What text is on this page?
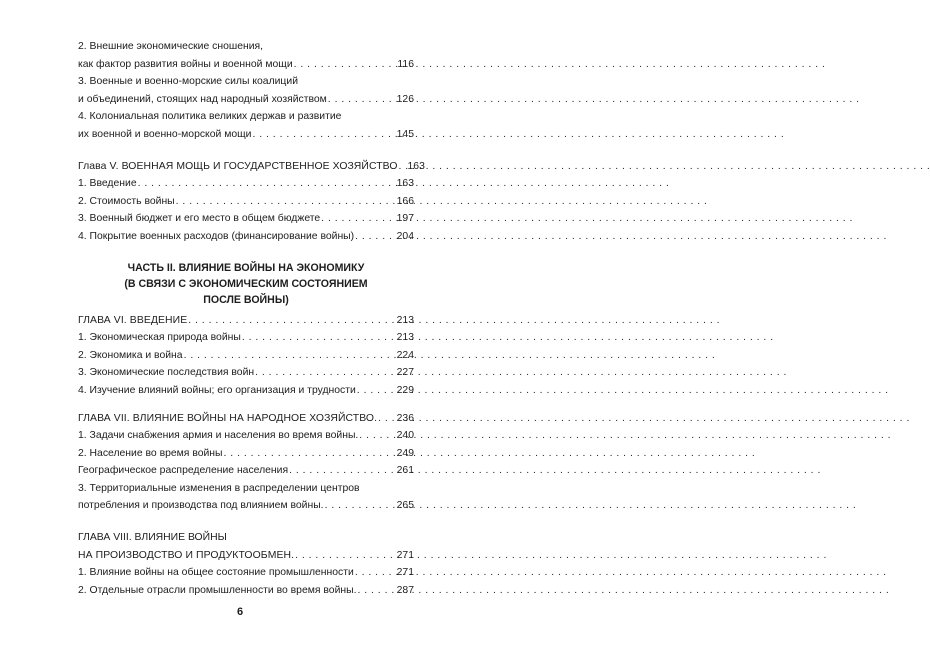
2. Внешние экономические сношения,
как фактор развития войны и военной мощи . . .	116
3. Военные и военно-морские силы коалиций
и объединений, стоящих над народный хозяйством . . .	126
4. Колониальная политика великих держав и развитие
их военной и военно-морской мощи . . .	145
Глава V. ВОЕННАЯ МОЩЬ И ГОСУДАРСТВЕННОЕ ХОЗЯЙСТВО . . . 163
1. Введение . . .	163
2. Стоимость войны . . .	166
3. Военный бюджет и его место в общем бюджете . . .	197
4. Покрытие военных расходов (финансирование войны) . . .	204
ЧАСТЬ II. ВЛИЯНИЕ ВОЙНЫ НА ЭКОНОМИКУ
(В СВЯЗИ С ЭКОНОМИЧЕСКИМ СОСТОЯНИЕМ
ПОСЛЕ ВОЙНЫ)
ГЛАВА VI. ВВЕДЕНИЕ . . .	213
1. Экономическая природа войны . . .	213
2. Экономика и война . . .	224
3. Экономические последствия войн . . .	227
4. Изучение влияний войны; его организация и трудности . . .	229
ГЛАВА VII. ВЛИЯНИЕ ВОЙНЫ НА НАРОДНОЕ ХОЗЯЙСТВО. . . . 236
1. Задачи снабжения армия и населения во время войны. . . .	240
2. Население во время войны . . .	249
Географическое распределение населения . . .	261
3. Территориальные изменения в распределении центров
потребления и производства под влиянием войны. . . .	265
ГЛАВА VIII. ВЛИЯНИЕ ВОЙНЫ
НА ПРОИЗВОДСТВО И ПРОДУКТООБМЕН. . . .	271
1. Влияние войны на общее состояние промышленности . . .	271
2. Отдельные отрасли промышленности во время войны. . . .	287
6
